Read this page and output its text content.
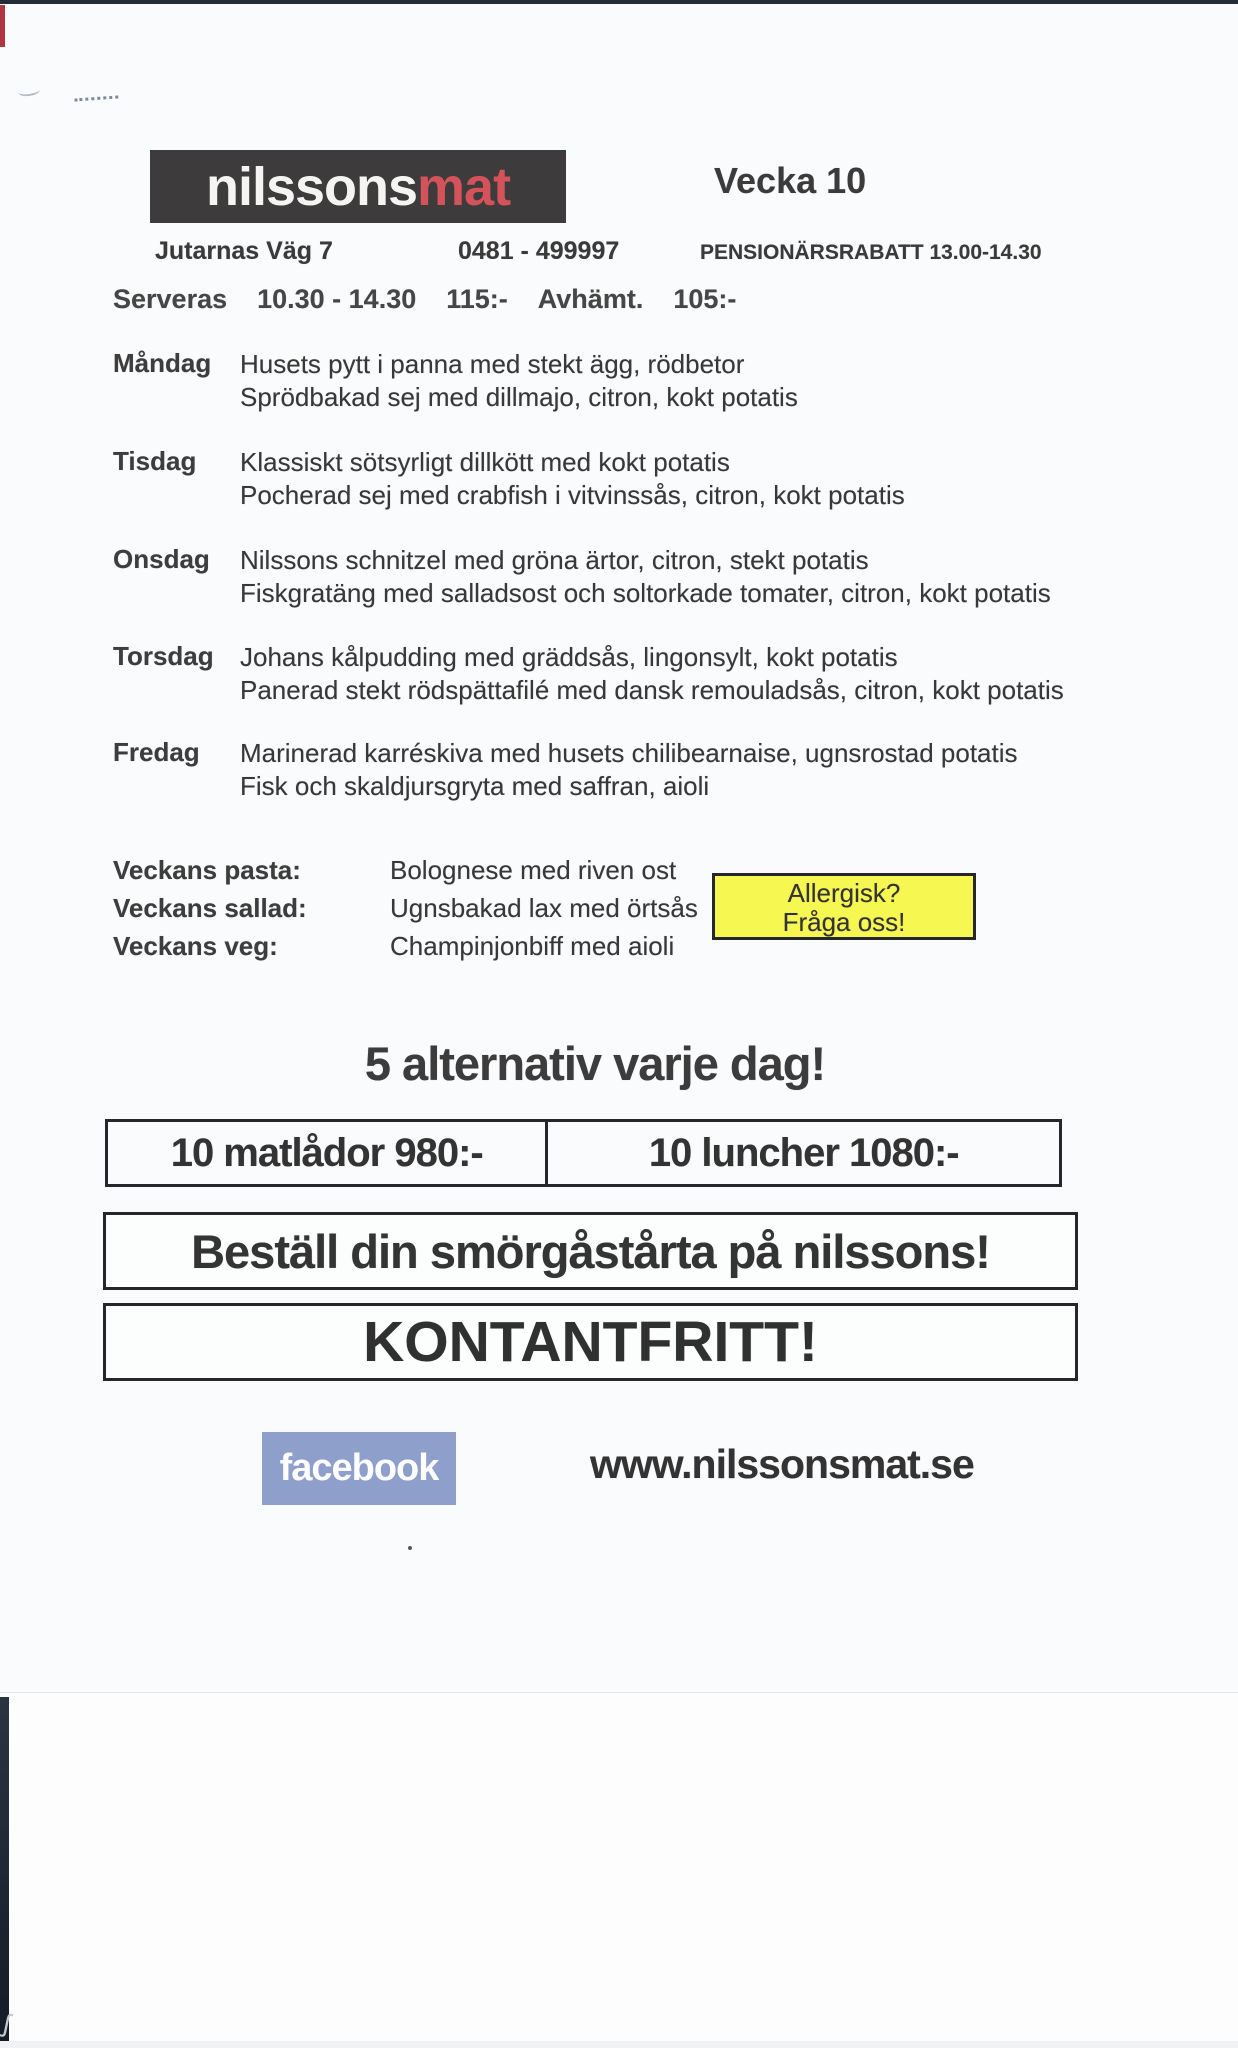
nilssons mat	Vecka 10
Jutarnas Väg 7	0481 - 499997	PENSIONÄRSRABATT 13.00-14.30
Serveras 10.30 - 14.30 115:- Avhämt. 105:-
Måndag Husets pytt i panna med stekt ägg, rödbetor
Sprödbakad sej med dillmajo, citron, kokt potatis
Tisdag Klassiskt sötsyrligt dillkött med kokt potatis
Pocherad sej med crabfish i vitvinssås, citron, kokt potatis
Onsdag Nilssons schnitzel med gröna ärtor, citron, stekt potatis
Fiskgratäng med salladsost och soltorkade tomater, citron, kokt potatis
Torsdag Johans kålpudding med gräddsås, lingonsylt, kokt potatis
Panerad stekt rödspättafilé med dansk remouladsås, citron, kokt potatis
Fredag Marinerad karréskiva med husets chilibearnaise, ugnsrostad potatis
Fisk och skaldjursgryta med saffran, aioli
Veckans pasta:	Bolognese med riven ost
Veckans sallad:	Ugnsbakad lax med örtsås
Veckans veg:	Champinjonbiff med aioli
Allergisk?
Fråga oss!
5 alternativ varje dag!
10 matlådor 980:-	10 luncher 1080:-
Beställ din smörgåstårta på nilssons!
KONTANTFRITT!
facebook	www.nilssonsmat.se
ʃ
